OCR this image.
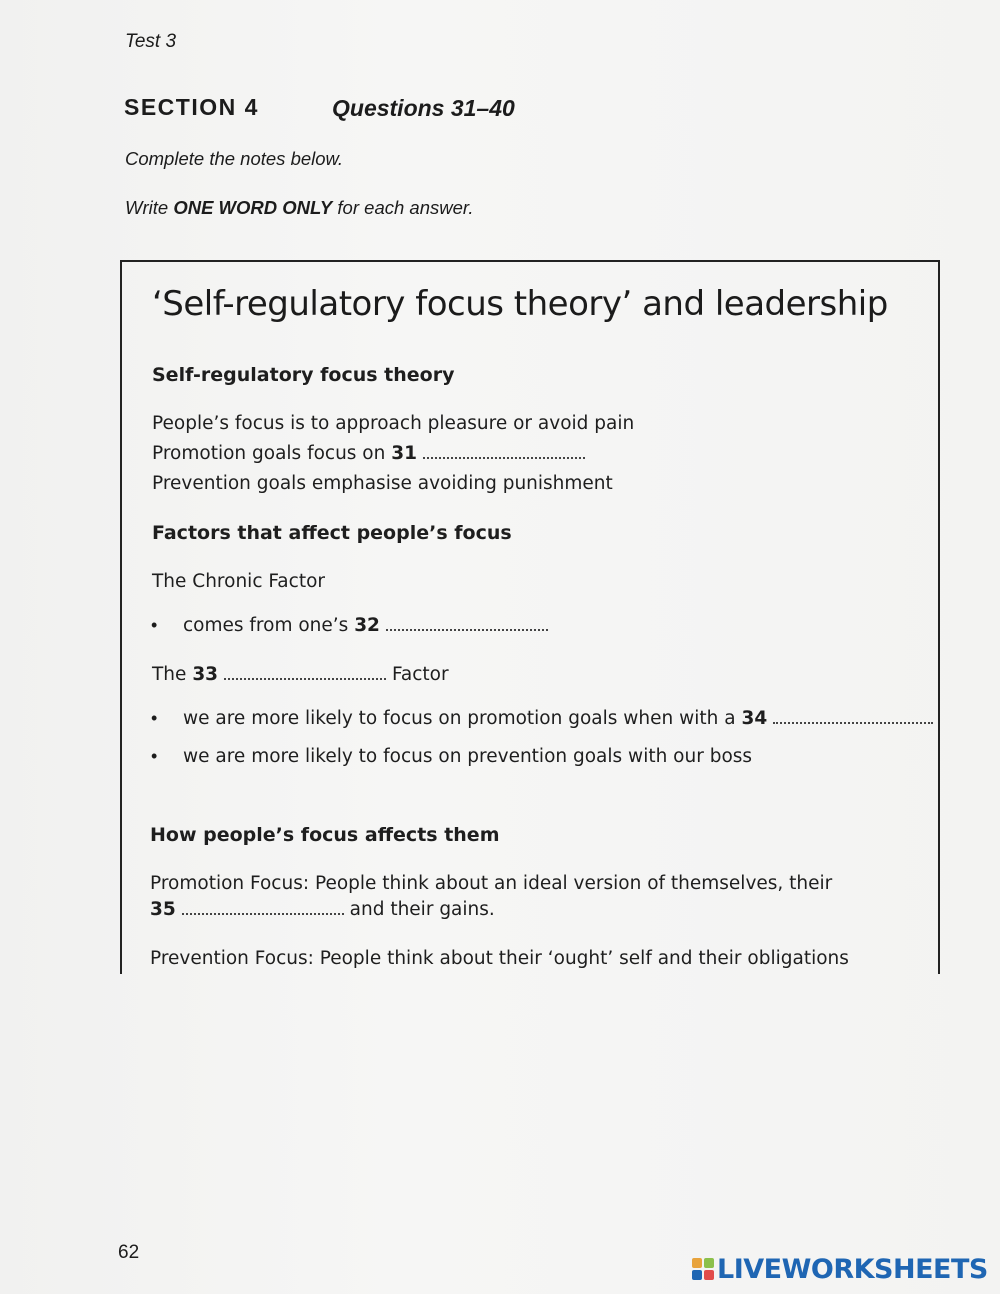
Test 3
SECTION 4	Questions 31–40
Complete the notes below.
Write ONE WORD ONLY for each answer.
‘Self-regulatory focus theory’ and leadership
Self-regulatory focus theory
People’s focus is to approach pleasure or avoid pain
Promotion goals focus on 31
Prevention goals emphasise avoiding punishment
Factors that affect people’s focus
The Chronic Factor
• comes from one’s 32
The 33	Factor
• we are more likely to focus on promotion goals when with a 34
• we are more likely to focus on prevention goals with our boss
How people’s focus affects them
Promotion Focus: People think about an ideal version of themselves, their
35	and their gains.
Prevention Focus: People think about their ‘ought’ self and their obligations
62
LIVEWORKSHEETS
